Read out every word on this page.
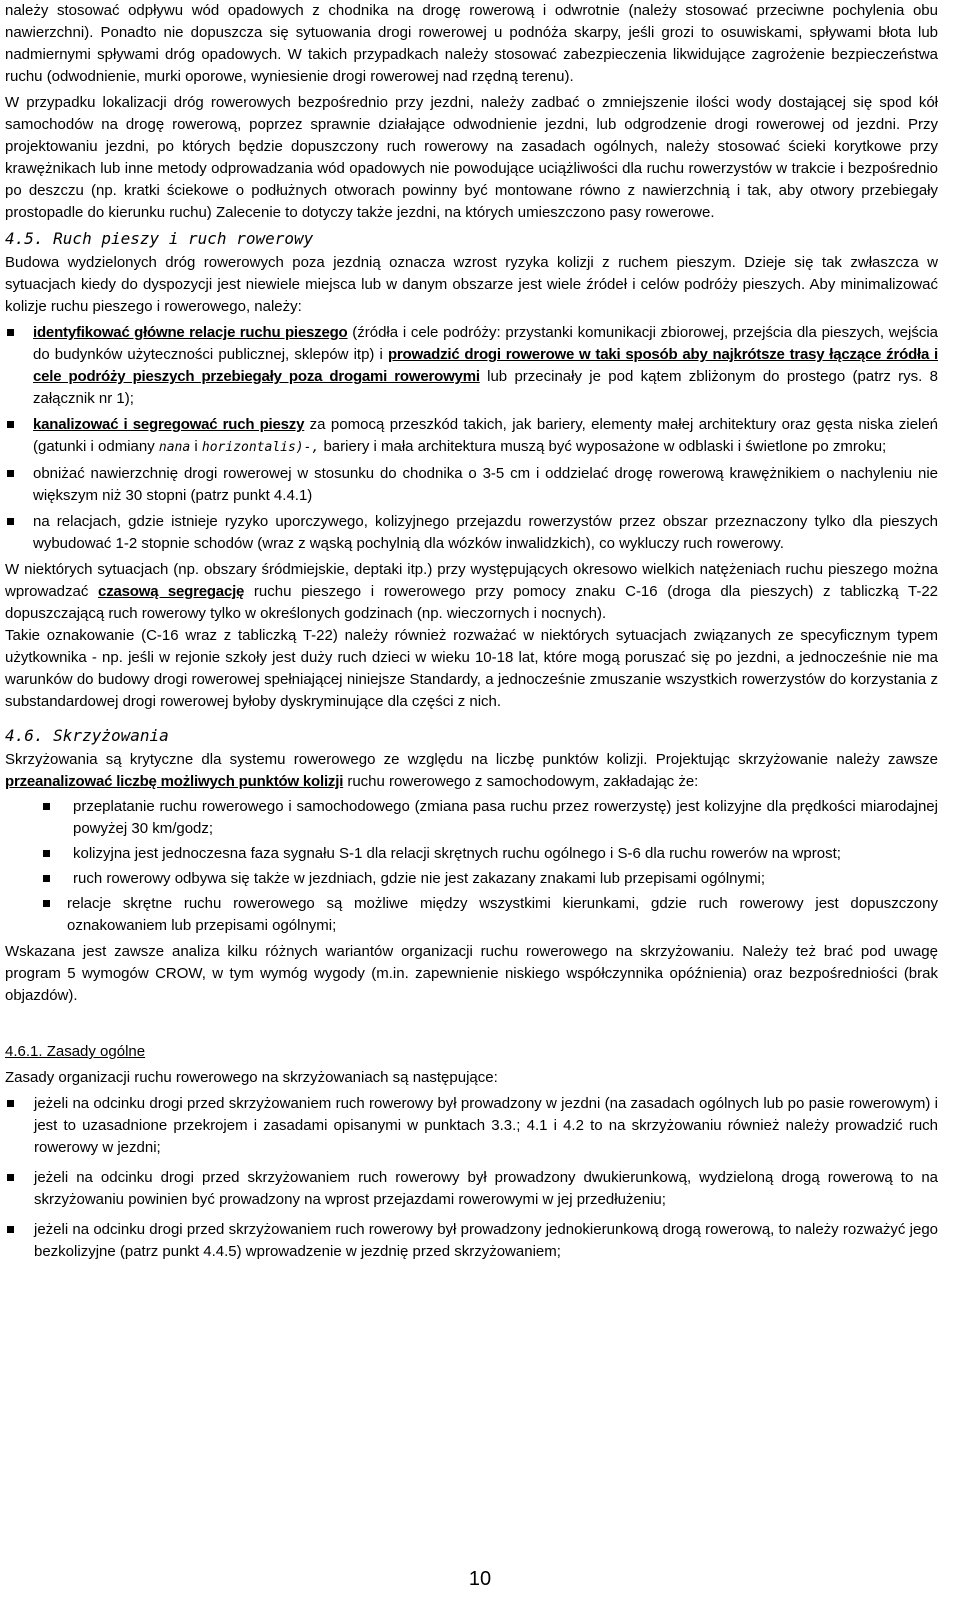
należy stosować odpływu wód opadowych z chodnika na drogę rowerową i odwrotnie (należy stosować przeciwne pochylenia obu nawierzchni). Ponadto nie dopuszcza się sytuowania drogi rowerowej u podnóża skarpy, jeśli grozi to osuwiskami, spływami błota lub nadmiernymi spływami dróg opadowych. W takich przypadkach należy stosować zabezpieczenia likwidujące zagrożenie bezpieczeństwa ruchu (odwodnienie, murki oporowe, wyniesienie drogi rowerowej nad rzędną terenu).

W przypadku lokalizacji dróg rowerowych bezpośrednio przy jezdni, należy zadbać o zmniejszenie ilości wody dostającej się spod kół samochodów na drogę rowerową, poprzez sprawnie działające odwodnienie jezdni, lub odgrodzenie drogi rowerowej od jezdni. Przy projektowaniu jezdni, po których będzie dopuszczony ruch rowerowy na zasadach ogólnych, należy stosować ścieki korytkowe przy krawężnikach lub inne metody odprowadzania wód opadowych nie powodujące uciążliwości dla ruchu rowerzystów w trakcie i bezpośrednio po deszczu (np. kratki ściekowe o podłużnych otworach powinny być montowane równo z nawierzchnią i tak, aby otwory przebiegały prostopadle do kierunku ruchu) Zalecenie to dotyczy także jezdni, na których umieszczono pasy rowerowe.

4.5. Ruch pieszy i ruch rowerowy

Budowa wydzielonych dróg rowerowych poza jezdnią oznacza wzrost ryzyka kolizji z ruchem pieszym. Dzieje się tak zwłaszcza w sytuacjach kiedy do dyspozycji jest niewiele miejsca lub w danym obszarze jest wiele źródeł i celów podróży pieszych. Aby minimalizować kolizje ruchu pieszego i rowerowego, należy:

identyfikować główne relacje ruchu pieszego (źródła i cele podróży: przystanki komunikacji zbiorowej, przejścia dla pieszych, wejścia do budynków użyteczności publicznej, sklepów itp) i prowadzić drogi rowerowe w taki sposób aby najkrótsze trasy łączące źródła i cele podróży pieszych przebiegały poza drogami rowerowymi lub przecinały je pod kątem zbliżonym do prostego (patrz rys. 8 załącznik nr 1);
kanalizować i segregować ruch pieszy za pomocą przeszkód takich, jak bariery, elementy małej architektury oraz gęsta niska zieleń (gatunki i odmiany nana i horizontalis)-, bariery i mała architektura muszą być wyposażone w odblaski i świetlone po zmroku;
obniżać nawierzchnię drogi rowerowej w stosunku do chodnika o 3-5 cm i oddzielać drogę rowerową krawężnikiem o nachyleniu nie większym niż 30 stopni (patrz punkt 4.4.1)
na relacjach, gdzie istnieje ryzyko uporczywego, kolizyjnego przejazdu rowerzystów przez obszar przeznaczony tylko dla pieszych wybudować 1-2 stopnie schodów (wraz z wąską pochylnią dla wózków inwalidzkich), co wykluczy ruch rowerowy.

W niektórych sytuacjach (np. obszary śródmiejskie, deptaki itp.) przy występujących okresowo wielkich natężeniach ruchu pieszego można wprowadzać czasową segregację ruchu pieszego i rowerowego przy pomocy znaku C-16 (droga dla pieszych) z tabliczką T-22 dopuszczającą ruch rowerowy tylko w określonych godzinach (np. wieczornych i nocnych).

Takie oznakowanie (C-16 wraz z tabliczką T-22) należy również rozważać w niektórych sytuacjach związanych ze specyficznym typem użytkownika - np. jeśli w rejonie szkoły jest duży ruch dzieci w wieku 10-18 lat, które mogą poruszać się po jezdni, a jednocześnie nie ma warunków do budowy drogi rowerowej spełniającej niniejsze Standardy, a jednocześnie zmuszanie wszystkich rowerzystów do korzystania z substandardowej drogi rowerowej byłoby dyskryminujące dla części z nich.

4.6. Skrzyżowania

Skrzyżowania są krytyczne dla systemu rowerowego ze względu na liczbę punktów kolizji. Projektując skrzyżowanie należy zawsze przeanalizować liczbę możliwych punktów kolizji ruchu rowerowego z samochodowym, zakładając że:

przeplatanie ruchu rowerowego i samochodowego (zmiana pasa ruchu przez rowerzystę) jest kolizyjne dla prędkości miarodajnej powyżej 30 km/godz;
kolizyjna jest jednoczesna faza sygnału S-1 dla relacji skrętnych ruchu ogólnego i S-6 dla ruchu rowerów na wprost;
ruch rowerowy odbywa się także w jezdniach, gdzie nie jest zakazany znakami lub przepisami ogólnymi;
relacje skrętne ruchu rowerowego są możliwe między wszystkimi kierunkami, gdzie ruch rowerowy jest dopuszczony oznakowaniem lub przepisami ogólnymi;

Wskazana jest zawsze analiza kilku różnych wariantów organizacji ruchu rowerowego na skrzyżowaniu. Należy też brać pod uwagę program 5 wymogów CROW, w tym wymóg wygody (m.in. zapewnienie niskiego współczynnika opóźnienia) oraz bezpośredniości (brak objazdów).

4.6.1. Zasady ogólne

Zasady organizacji ruchu rowerowego na skrzyżowaniach są następujące:

jeżeli na odcinku drogi przed skrzyżowaniem ruch rowerowy był prowadzony w jezdni (na zasadach ogólnych lub po pasie rowerowym) i jest to uzasadnione przekrojem i zasadami opisanymi w punktach 3.3.; 4.1 i 4.2 to na skrzyżowaniu również należy prowadzić ruch rowerowy w jezdni;
jeżeli na odcinku drogi przed skrzyżowaniem ruch rowerowy był prowadzony dwukierunkową, wydzieloną drogą rowerową to na skrzyżowaniu powinien być prowadzony na wprost przejazdami rowerowymi w jej przedłużeniu;
jeżeli na odcinku drogi przed skrzyżowaniem ruch rowerowy był prowadzony jednokierunkową drogą rowerową, to należy rozważyć jego bezkolizyjne (patrz punkt 4.4.5) wprowadzenie w jezdnię przed skrzyżowaniem;
10
